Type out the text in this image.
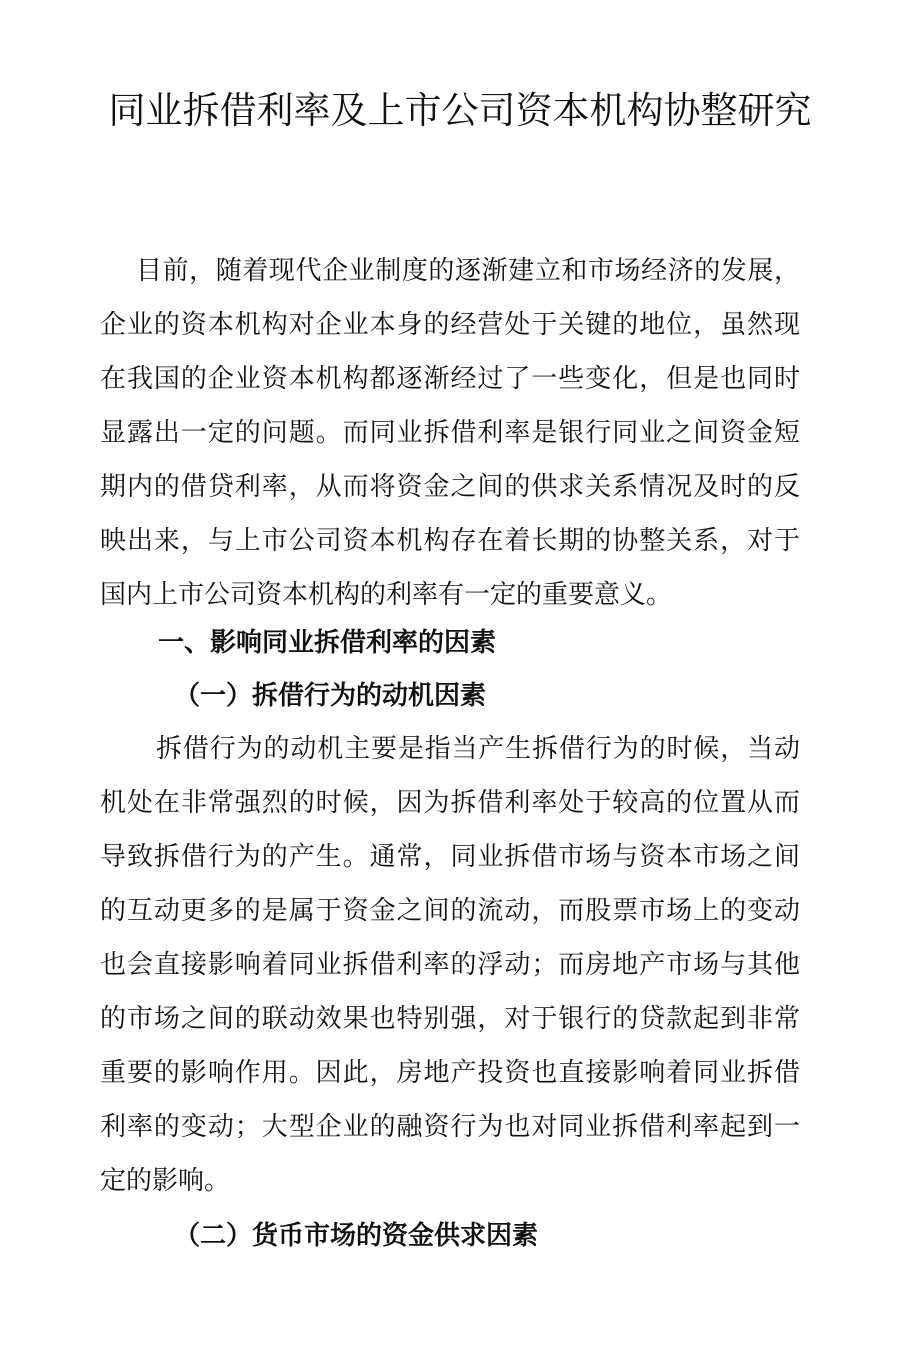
同业拆借利率及上市公司资本机构协整研究

目前，随着现代企业制度的逐渐建立和市场经济的发展，企业的资本机构对企业本身的经营处于关键的地位，虽然现在我国的企业资本机构都逐渐经过了一些变化，但是也同时显露出一定的问题。而同业拆借利率是银行同业之间资金短期内的借贷利率，从而将资金之间的供求关系情况及时的反映出来，与上市公司资本机构存在着长期的协整关系，对于国内上市公司资本机构的利率有一定的重要意义。

一、影响同业拆借利率的因素
（一）拆借行为的动机因素

拆借行为的动机主要是指当产生拆借行为的时候，当动机处在非常强烈的时候，因为拆借利率处于较高的位置从而导致拆借行为的产生。通常，同业拆借市场与资本市场之间的互动更多的是属于资金之间的流动，而股票市场上的变动也会直接影响着同业拆借利率的浮动；而房地产市场与其他的市场之间的联动效果也特别强，对于银行的贷款起到非常重要的影响作用。因此，房地产投资也直接影响着同业拆借利率的变动；大型企业的融资行为也对同业拆借利率起到一定的影响。

（二）货币市场的资金供求因素
